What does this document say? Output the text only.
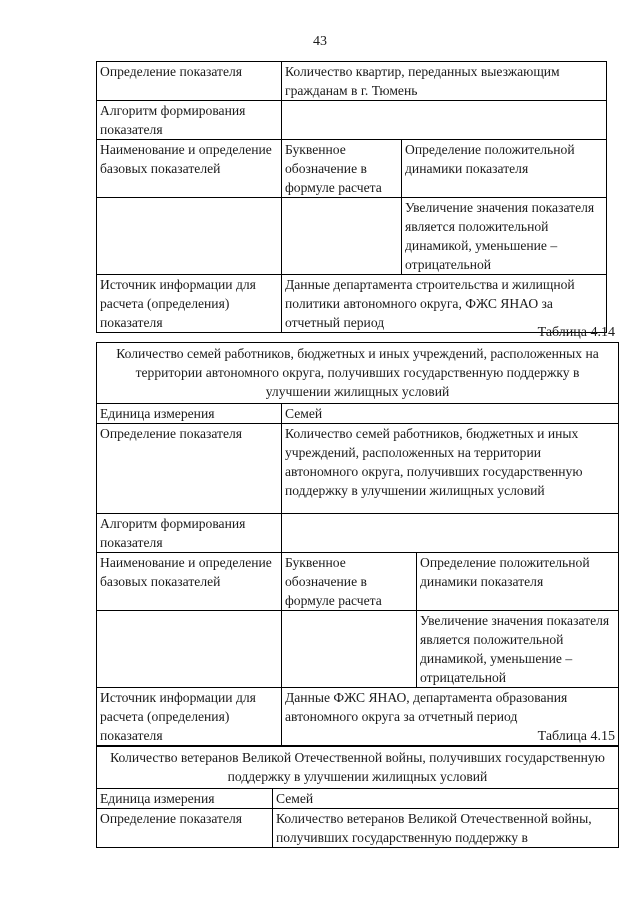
43
Определение показателя	Количество квартир, переданных выезжающим гражданам в г. Тюмень	
Алгоритм формирования показателя		
Наименование и определение базовых показателей	Буквенное обозначение в формуле расчета	Определение положительной динамики показателя
		Увеличение значения показателя является положительной динамикой, уменьшение – отрицательной
Источник информации для расчета (определения) показателя	Данные департамента строительства и жилищной политики автономного округа, ФЖС ЯНАО за отчетный период	
Таблица 4.14
Количество семей работников, бюджетных и иных учреждений, расположенных на территории автономного округа, получивших государственную поддержку в улучшении жилищных условий		
Единица измерения	Семей	
Определение показателя	Количество семей работников, бюджетных и иных учреждений, расположенных на территории автономного округа, получивших государственную поддержку в улучшении жилищных условий	
Алгоритм формирования показателя		
Наименование и определение базовых показателей	Буквенное обозначение в формуле расчета	Определение положительной динамики показателя
		Увеличение значения показателя является положительной динамикой, уменьшение – отрицательной
Источник информации для расчета (определения) показателя	Данные ФЖС ЯНАО, департамента образования автономного округа за отчетный период	
Таблица 4.15
Количество ветеранов Великой Отечественной войны, получивших государственную поддержку в улучшении жилищных условий	
Единица измерения	Семей
Определение показателя	Количество ветеранов Великой Отечественной войны, получивших государственную поддержку в
